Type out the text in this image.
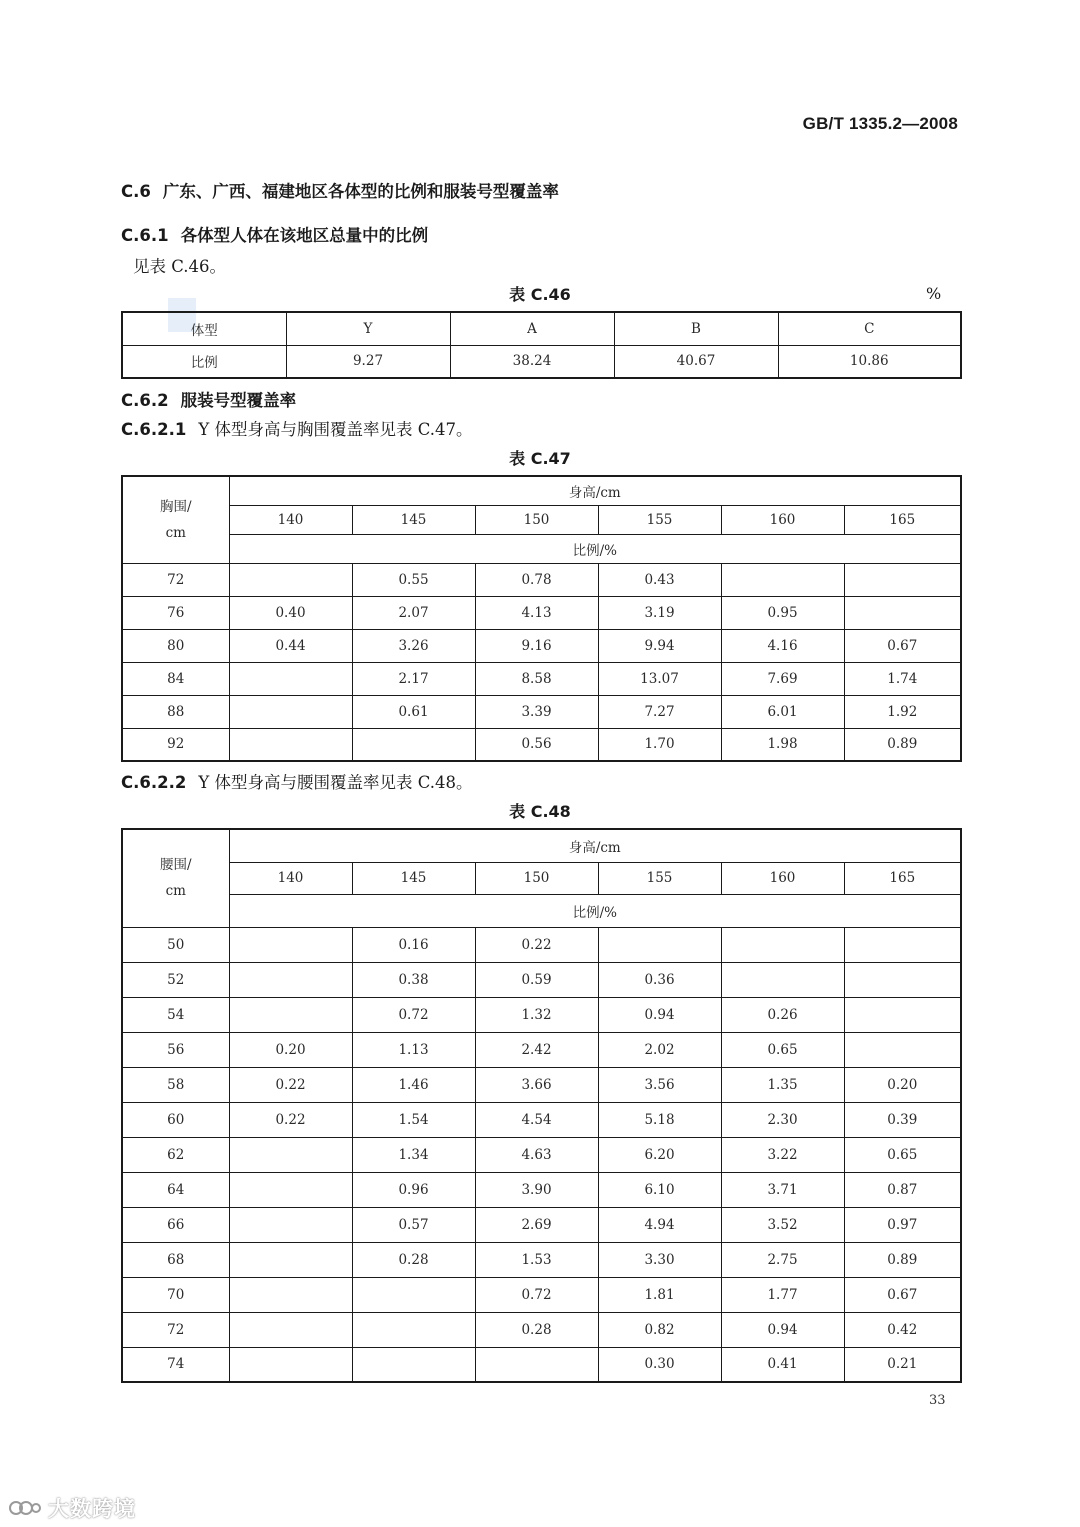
GB/T 1335.2—2008
C.6 广东、广西、福建地区各体型的比例和服装号型覆盖率
C.6.1 各体型人体在该地区总量中的比例
见表 C.46。
表 C.46	%
体型	Y	A	B	C
比例	9.27	38.24	40.67	10.86
C.6.2 服装号型覆盖率
C.6.2.1 Y 体型身高与胸围覆盖率见表 C.47。
表 C.47
胸围/
cm	身高/cm					
	140	145	150	155	160	165
	比例/%					
72		0.55	0.78	0.43		
76	0.40	2.07	4.13	3.19	0.95	
80	0.44	3.26	9.16	9.94	4.16	0.67
84		2.17	8.58	13.07	7.69	1.74
88		0.61	3.39	7.27	6.01	1.92
92			0.56	1.70	1.98	0.89
C.6.2.2 Y 体型身高与腰围覆盖率见表 C.48。
表 C.48
腰围/
cm	身高/cm					
	140	145	150	155	160	165
	比例/%					
50		0.16	0.22			
52		0.38	0.59	0.36		
54		0.72	1.32	0.94	0.26	
56	0.20	1.13	2.42	2.02	0.65	
58	0.22	1.46	3.66	3.56	1.35	0.20
60	0.22	1.54	4.54	5.18	2.30	0.39
62		1.34	4.63	6.20	3.22	0.65
64		0.96	3.90	6.10	3.71	0.87
66		0.57	2.69	4.94	3.52	0.97
68		0.28	1.53	3.30	2.75	0.89
70			0.72	1.81	1.77	0.67
72			0.28	0.82	0.94	0.42
74				0.30	0.41	0.21
33
大数跨境
